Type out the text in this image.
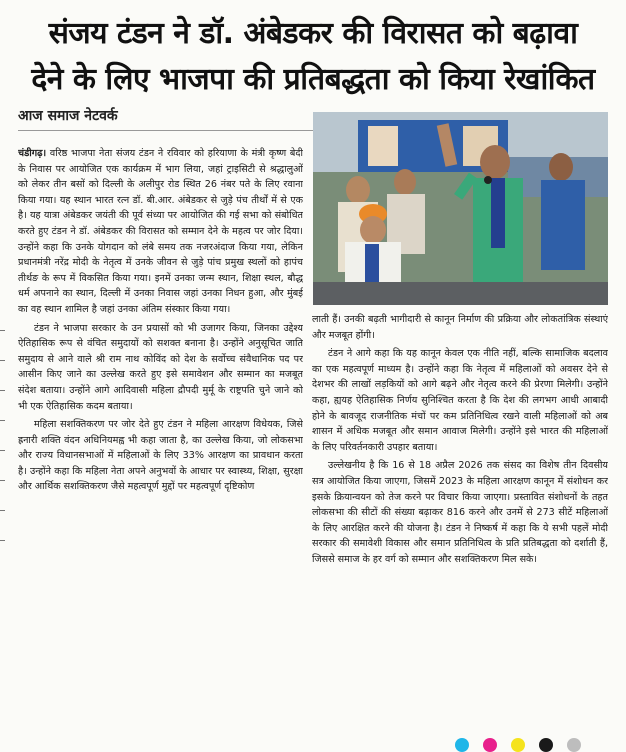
संजय टंडन ने डॉ. अंबेडकर की विरासत को बढ़ावा
देने के लिए भाजपा की प्रतिबद्धता को किया रेखांकित
आज समाज नेटवर्क

चंडीगढ़। वरिष्ठ भाजपा नेता संजय टंडन ने रविवार को हरियाणा के मंत्री कृष्ण बेदी के निवास पर आयोजित एक कार्यक्रम में भाग लिया, जहां ट्राइसिटी से श्रद्धालुओं को लेकर तीन बसों को दिल्ली के अलीपुर रोड स्थित 26 नंबर पते के लिए रवाना किया गया। यह स्थान भारत रत्न डॉ. बी.आर. अंबेडकर से जुड़े पंच तीर्थों में से एक है। यह यात्रा अंबेडकर जयंती की पूर्व संध्या पर आयोजित की गई सभा को संबोधित करते हुए टंडन ने डॉ. अंबेडकर की विरासत को सम्मान देने के महत्व पर जोर दिया। उन्होंने कहा कि उनके योगदान को लंबे समय तक नजरअंदाज किया गया, लेकिन प्रधानमंत्री नरेंद्र मोदी के नेतृत्व में उनके जीवन से जुड़े पांच प्रमुख स्थलों को हापंच तीर्थङ के रूप में विकसित किया गया। इनमें उनका जन्म स्थान, शिक्षा स्थल, बौद्ध धर्म अपनाने का स्थान, दिल्ली में उनका निवास जहां उनका निधन हुआ, और मुंबई का वह स्थान शामिल है जहां उनका अंतिम संस्कार किया गया।

टंडन ने भाजपा सरकार के उन प्रयासों को भी उजागर किया, जिनका उद्देश्य ऐतिहासिक रूप से वंचित समुदायों को सशक्त बनाना है। उन्होंने अनुसूचित जाति समुदाय से आने वाले श्री राम नाथ कोविंद को देश के सर्वोच्च संवैधानिक पद पर आसीन किए जाने का उल्लेख करते हुए इसे समावेशन और सम्मान का मजबूत संदेश बताया। उन्होंने आगे आदिवासी महिला द्रौपदी मुर्मू के राष्ट्रपति चुने जाने को भी एक ऐतिहासिक कदम बताया।

महिला सशक्तिकरण पर जोर देते हुए टंडन ने महिला आरक्षण विधेयक, जिसे ह्रनारी शक्ति वंदन अधिनियमह्व भी कहा जाता है, का उल्लेख किया, जो लोकसभा और राज्य विधानसभाओं में महिलाओं के लिए 33% आरक्षण का प्रावधान करता है। उन्होंने कहा कि महिला नेता अपने अनुभवों के आधार पर स्वास्थ्य, शिक्षा, सुरक्षा और आर्थिक सशक्तिकरण जैसे महत्वपूर्ण मुद्दों पर महत्वपूर्ण दृष्टिकोण

लाती हैं। उनकी बढ़ती भागीदारी से कानून निर्माण की प्रक्रिया और लोकतांत्रिक संस्थाएं और मजबूत होंगी।

टंडन ने आगे कहा कि यह कानून केवल एक नीति नहीं, बल्कि सामाजिक बदलाव का एक महत्वपूर्ण माध्यम है। उन्होंने कहा कि नेतृत्व में महिलाओं को अवसर देने से देशभर की लाखों लड़कियों को आगे बढ़ने और नेतृत्व करने की प्रेरणा मिलेगी। उन्होंने कहा, ह्ययह ऐतिहासिक निर्णय सुनिश्चित करता है कि देश की लगभग आधी आबादी होने के बावजूद राजनीतिक मंचों पर कम प्रतिनिधित्व रखने वाली महिलाओं को अब शासन में अधिक मजबूत और समान आवाज मिलेगी। उन्होंने इसे भारत की महिलाओं के लिए परिवर्तनकारी उपहार बताया।

उल्लेखनीय है कि 16 से 18 अप्रैल 2026 तक संसद का विशेष तीन दिवसीय सत्र आयोजित किया जाएगा, जिसमें 2023 के महिला आरक्षण कानून में संशोधन कर इसके क्रियान्वयन को तेज करने पर विचार किया जाएगा। प्रस्तावित संशोधनों के तहत लोकसभा की सीटों की संख्या बढ़ाकर 816 करने और उनमें से 273 सीटें महिलाओं के लिए आरक्षित करने की योजना है। टंडन ने निष्कर्ष में कहा कि ये सभी पहलें मोदी सरकार की समावेशी विकास और समान प्रतिनिधित्व के प्रति प्रतिबद्धता को दर्शाती हैं, जिससे समाज के हर वर्ग को सम्मान और सशक्तिकरण मिल सके।
